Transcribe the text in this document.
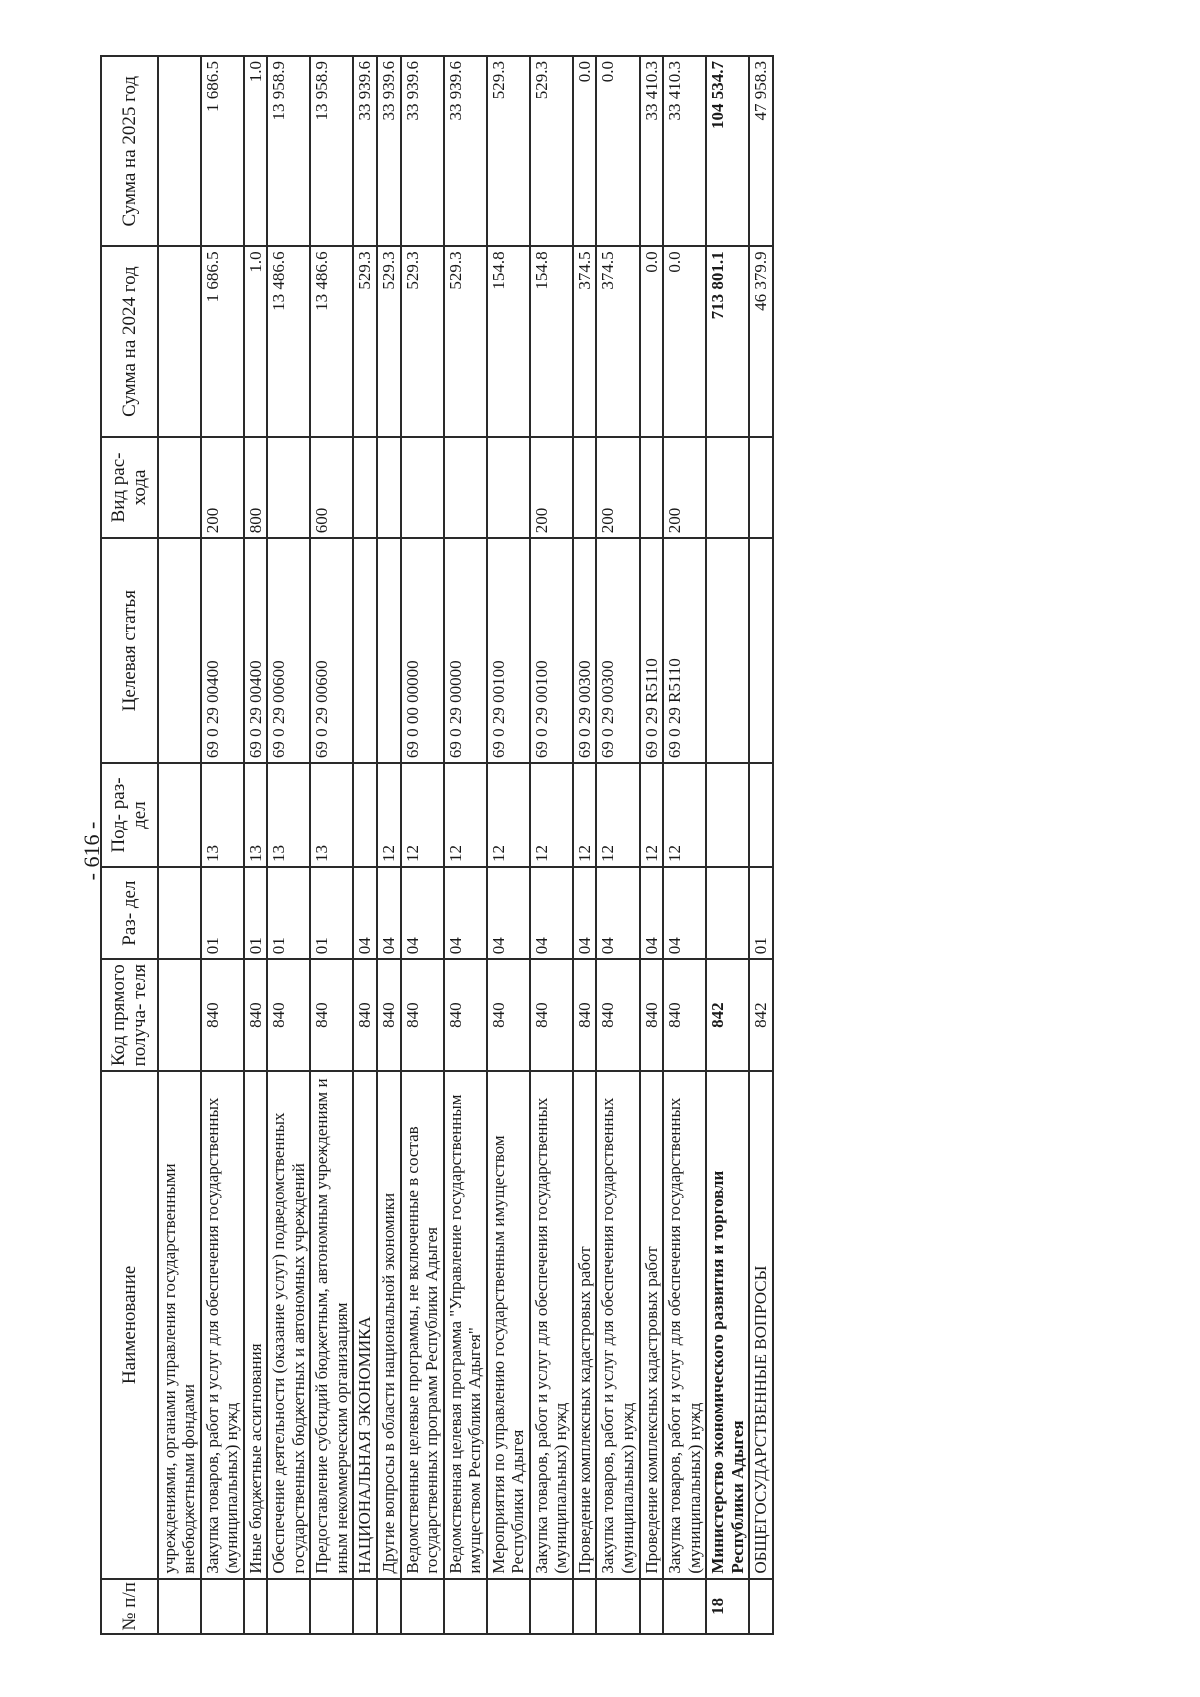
- 616 -
№ п/п	Наименование	Код прямого получа- теля	Раз- дел	Под- раз- дел	Целевая статья	Вид рас- хода	Сумма на 2024 год	Сумма на 2025 год
	учреждениями, органами управления государственными внебюджетными фондами							
	Закупка товаров, работ и услуг для обеспечения государственных (муниципальных) нужд	840	01	13	69 0 29 00400	200	1 686.5	1 686.5
	Иные бюджетные ассигнования	840	01	13	69 0 29 00400	800	1.0	1.0
	Обеспечение деятельности (оказание услуг) подведомственных государственных бюджетных и автономных учреждений	840	01	13	69 0 29 00600		13 486.6	13 958.9
	Предоставление субсидий бюджетным, автономным учреждениям и иным некоммерческим организациям	840	01	13	69 0 29 00600	600	13 486.6	13 958.9
	НАЦИОНАЛЬНАЯ ЭКОНОМИКА	840	04				529.3	33 939.6
	Другие вопросы в области национальной экономики	840	04	12			529.3	33 939.6
	Ведомственные целевые программы, не включенные в состав государственных программ Республики Адыгея	840	04	12	69 0 00 00000		529.3	33 939.6
	Ведомственная целевая программа "Управление государственным имуществом Республики Адыгея"	840	04	12	69 0 29 00000		529.3	33 939.6
	Мероприятия по управлению государственным имуществом Республики Адыгея	840	04	12	69 0 29 00100		154.8	529.3
	Закупка товаров, работ и услуг для обеспечения государственных (муниципальных) нужд	840	04	12	69 0 29 00100	200	154.8	529.3
	Проведение комплексных кадастровых работ	840	04	12	69 0 29 00300		374.5	0.0
	Закупка товаров, работ и услуг для обеспечения государственных (муниципальных) нужд	840	04	12	69 0 29 00300	200	374.5	0.0
	Проведение комплексных кадастровых работ	840	04	12	69 0 29 R5110		0.0	33 410.3
	Закупка товаров, работ и услуг для обеспечения государственных (муниципальных) нужд	840	04	12	69 0 29 R5110	200	0.0	33 410.3
18	Министерство экономического развития и торговли Республики Адыгея	842					713 801.1	104 534.7
	ОБЩЕГОСУДАРСТВЕННЫЕ ВОПРОСЫ	842	01				46 379.9	47 958.3
